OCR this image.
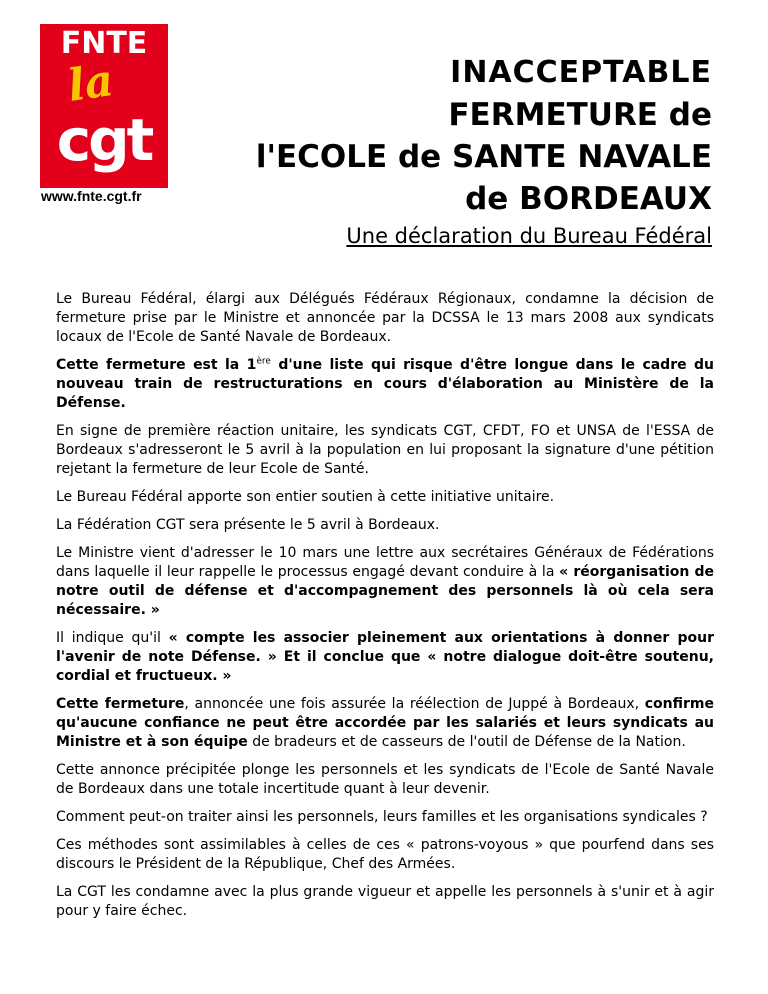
FNTE
la
cgt
www.fnte.cgt.fr
INACCEPTABLE
FERMETURE de
l'ECOLE de SANTE NAVALE
de BORDEAUX
Une déclaration du Bureau Fédéral

Le Bureau Fédéral, élargi aux Délégués Fédéraux Régionaux, condamne la décision de fermeture prise par le Ministre et annoncée par la DCSSA le 13 mars 2008 aux syndicats locaux de l'Ecole de Santé Navale de Bordeaux.

Cette fermeture est la 1ère d'une liste qui risque d'être longue dans le cadre du nouveau train de restructurations en cours d'élaboration au Ministère de la Défense.

En signe de première réaction unitaire, les syndicats CGT, CFDT, FO et UNSA de l'ESSA de Bordeaux s'adresseront le 5 avril à la population en lui proposant la signature d'une pétition rejetant la fermeture de leur Ecole de Santé.

Le Bureau Fédéral apporte son entier soutien à cette initiative unitaire.

La Fédération CGT sera présente le 5 avril à Bordeaux.

Le Ministre vient d'adresser le 10 mars une lettre aux secrétaires Généraux de Fédérations dans laquelle il leur rappelle le processus engagé devant conduire à la « réorganisation de notre outil de défense et d'accompagnement des personnels là où cela sera nécessaire. »

Il indique qu'il « compte les associer pleinement aux orientations à donner pour l'avenir de note Défense. » Et il conclue que « notre dialogue doit-être soutenu, cordial et fructueux. »

Cette fermeture, annoncée une fois assurée la réélection de Juppé à Bordeaux, confirme qu'aucune confiance ne peut être accordée par les salariés et leurs syndicats au Ministre et à son équipe de bradeurs et de casseurs de l'outil de Défense de la Nation.

Cette annonce précipitée plonge les personnels et les syndicats de l'Ecole de Santé Navale de Bordeaux dans une totale incertitude quant à leur devenir.

Comment peut-on traiter ainsi les personnels, leurs familles et les organisations syndicales ?

Ces méthodes sont assimilables à celles de ces « patrons-voyous » que pourfend dans ses discours le Président de la République, Chef des Armées.

La CGT les condamne avec la plus grande vigueur et appelle les personnels à s'unir et à agir pour y faire échec.
